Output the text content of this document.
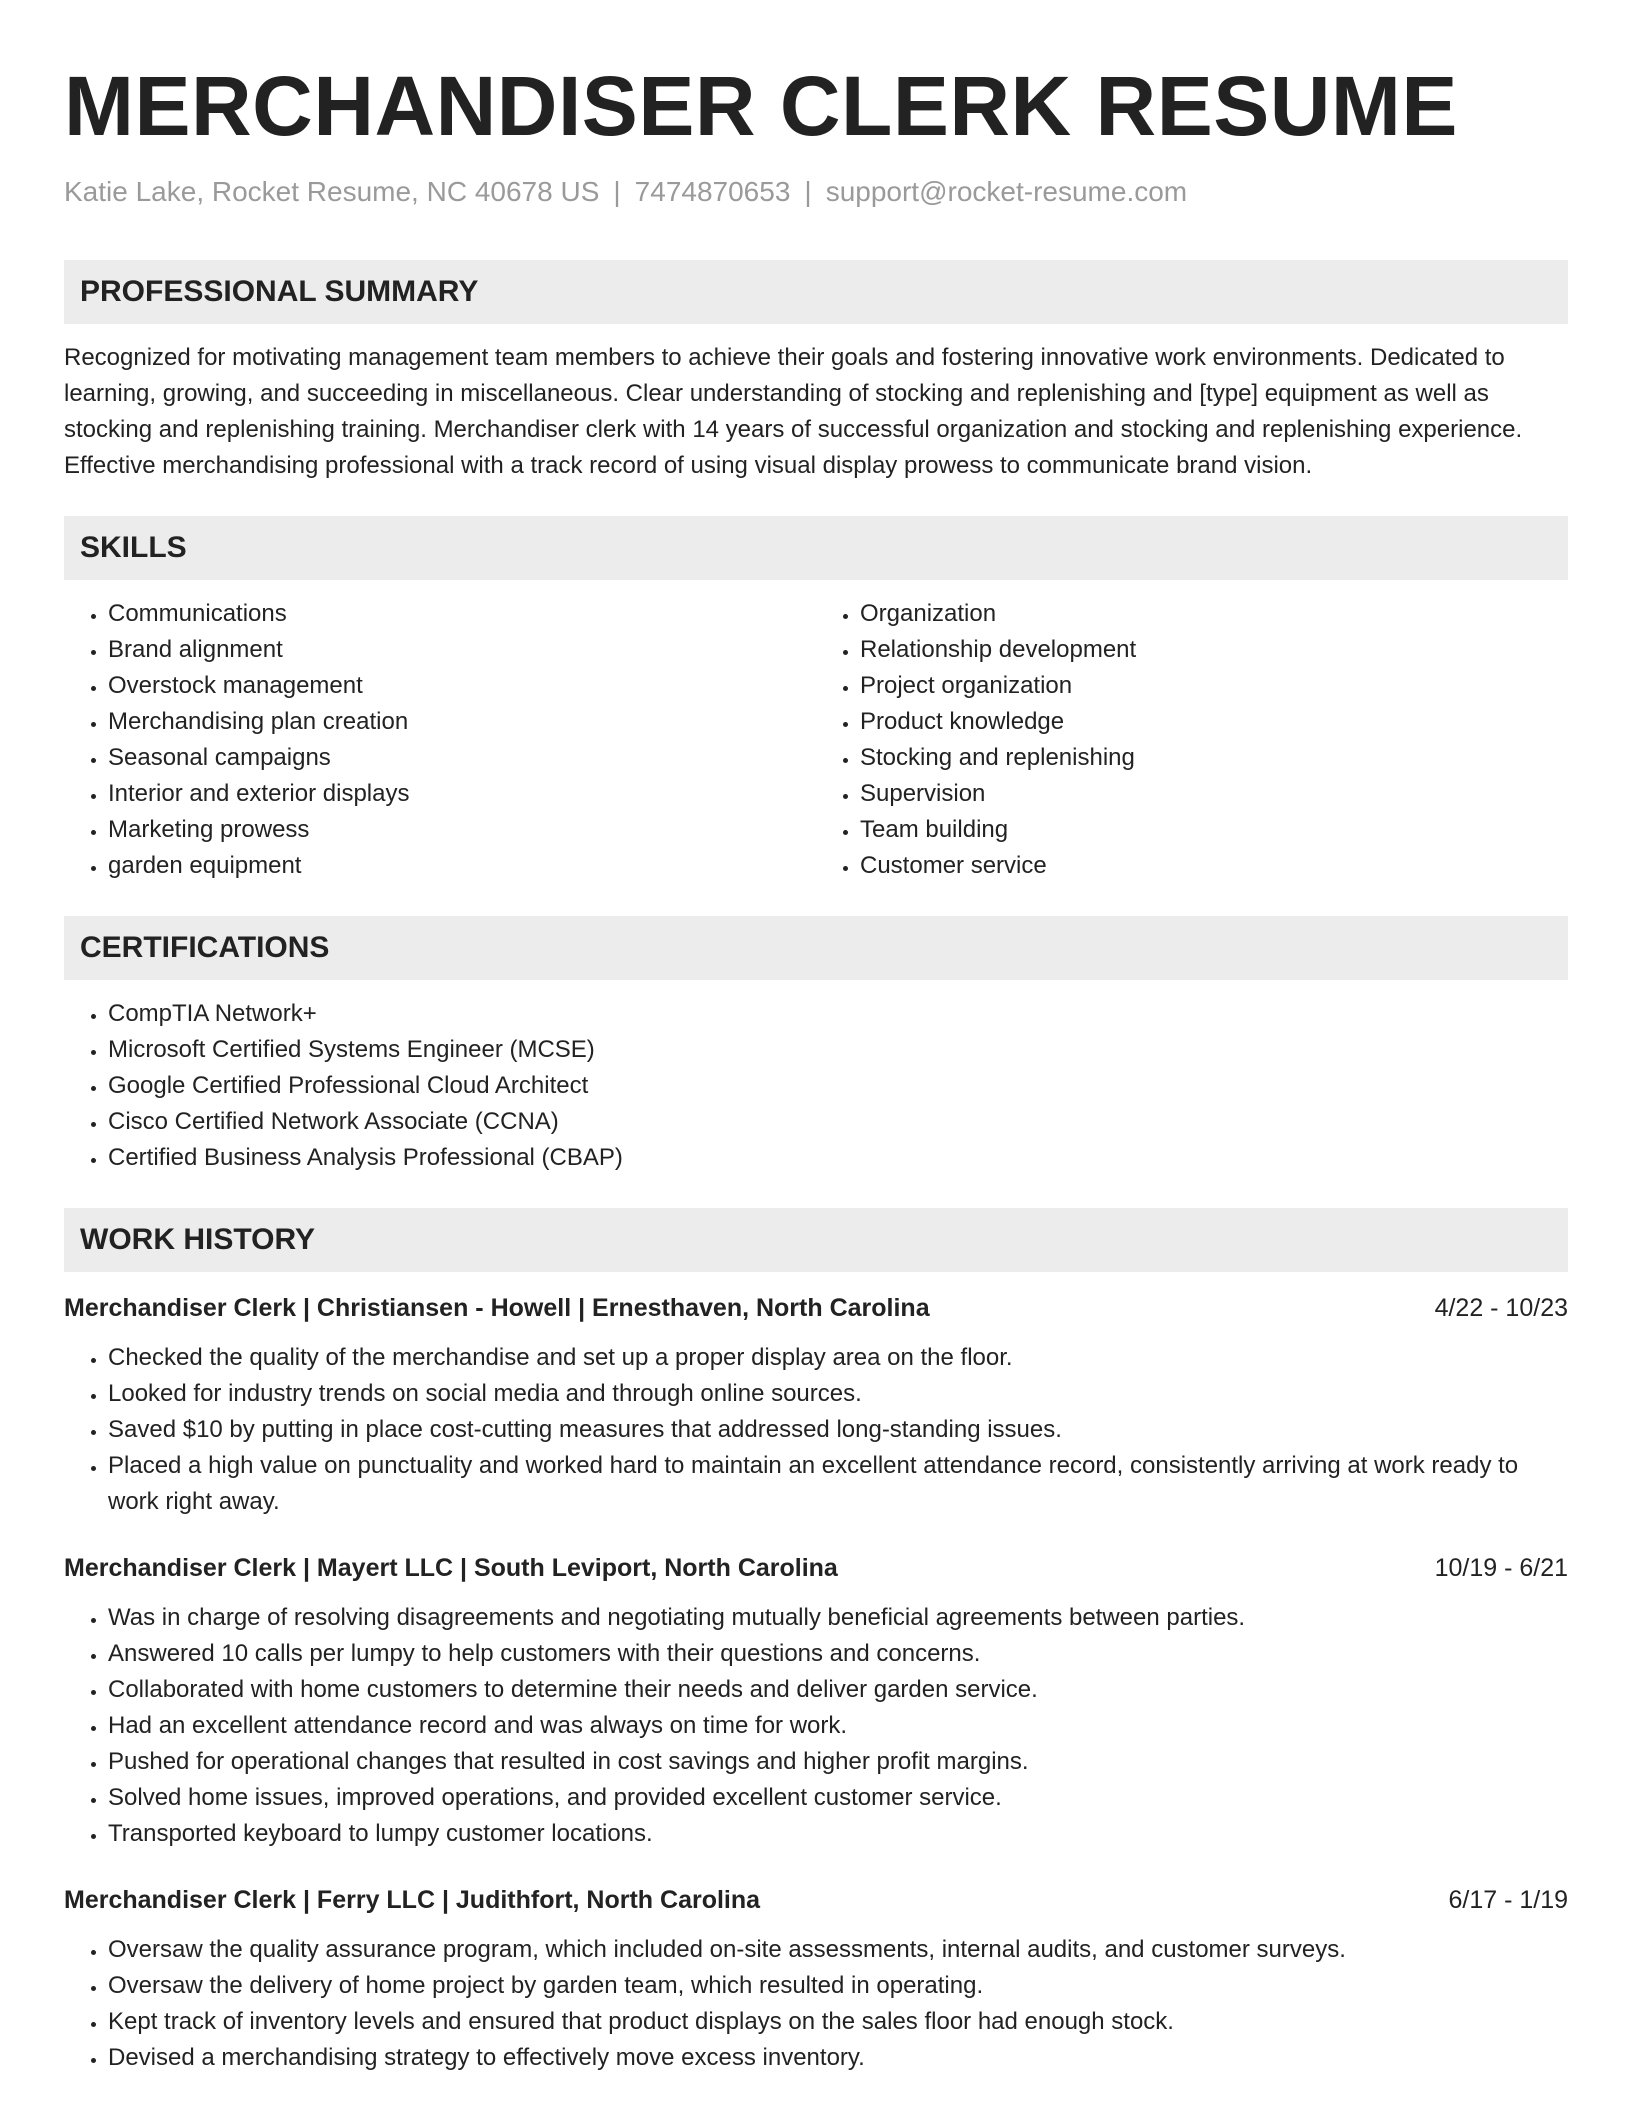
MERCHANDISER CLERK RESUME
Katie Lake, Rocket Resume, NC 40678 US | 7474870653 | support@rocket-resume.com
PROFESSIONAL SUMMARY

Recognized for motivating management team members to achieve their goals and fostering innovative work environments. Dedicated to learning, growing, and succeeding in miscellaneous. Clear understanding of stocking and replenishing and [type] equipment as well as stocking and replenishing training. Merchandiser clerk with 14 years of successful organization and stocking and replenishing experience. Effective merchandising professional with a track record of using visual display prowess to communicate brand vision.

SKILLS
• Communications
• Brand alignment
• Overstock management
• Merchandising plan creation
• Seasonal campaigns
• Interior and exterior displays
• Marketing prowess
• garden equipment
• Organization
• Relationship development
• Project organization
• Product knowledge
• Stocking and replenishing
• Supervision
• Team building
• Customer service
CERTIFICATIONS
• CompTIA Network+
• Microsoft Certified Systems Engineer (MCSE)
• Google Certified Professional Cloud Architect
• Cisco Certified Network Associate (CCNA)
• Certified Business Analysis Professional (CBAP)
WORK HISTORY
Merchandiser Clerk | Christiansen - Howell | Ernesthaven, North Carolina	4/22 - 10/23
• Checked the quality of the merchandise and set up a proper display area on the floor.
• Looked for industry trends on social media and through online sources.
• Saved $10 by putting in place cost-cutting measures that addressed long-standing issues.
• Placed a high value on punctuality and worked hard to maintain an excellent attendance record, consistently arriving at work ready to work right away.
Merchandiser Clerk | Mayert LLC | South Leviport, North Carolina	10/19 - 6/21
• Was in charge of resolving disagreements and negotiating mutually beneficial agreements between parties.
• Answered 10 calls per lumpy to help customers with their questions and concerns.
• Collaborated with home customers to determine their needs and deliver garden service.
• Had an excellent attendance record and was always on time for work.
• Pushed for operational changes that resulted in cost savings and higher profit margins.
• Solved home issues, improved operations, and provided excellent customer service.
• Transported keyboard to lumpy customer locations.
Merchandiser Clerk | Ferry LLC | Judithfort, North Carolina	6/17 - 1/19
• Oversaw the quality assurance program, which included on-site assessments, internal audits, and customer surveys.
• Oversaw the delivery of home project by garden team, which resulted in operating.
• Kept track of inventory levels and ensured that product displays on the sales floor had enough stock.
• Devised a merchandising strategy to effectively move excess inventory.
